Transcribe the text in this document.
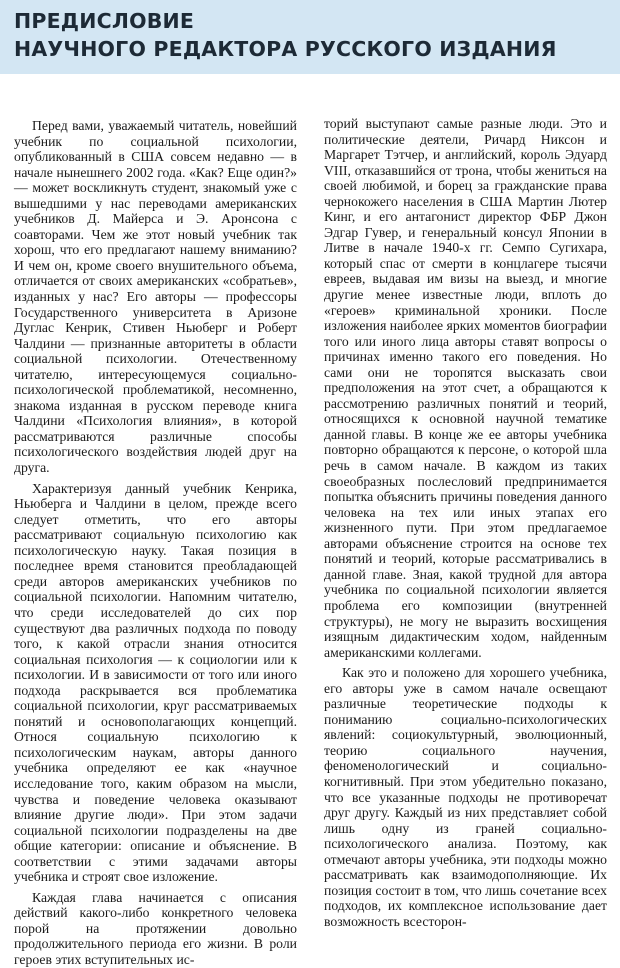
ПРЕДИСЛОВИЕ
НАУЧНОГО РЕДАКТОРА РУССКОГО ИЗДАНИЯ

Перед вами, уважаемый читатель, новейший учебник по социальной психологии, опубликованный в США совсем недавно — в начале нынешнего 2002 года. «Как? Еще один?» — может воскликнуть студент, знакомый уже с вышедшими у нас переводами американских учебников Д. Майерса и Э. Аронсона с соавторами. Чем же этот новый учебник так хорош, что его предлагают нашему вниманию? И чем он, кроме своего внушительного объема, отличается от своих американских «собратьев», изданных у нас? Его авторы — профессоры Государственного университета в Аризоне Дуглас Кенрик, Стивен Ньюберг и Роберт Чалдини — признанные авторитеты в области социальной психологии. Отечественному читателю, интересующемуся социально-психологической проблематикой, несомненно, знакома изданная в русском переводе книга Чалдини «Психология влияния», в которой рассматриваются различные способы психологического воздействия людей друг на друга.

Характеризуя данный учебник Кенрика, Ньюберга и Чалдини в целом, прежде всего следует отметить, что его авторы рассматривают социальную психологию как психологическую науку. Такая позиция в последнее время становится преобладающей среди авторов американских учебников по социальной психологии. Напомним читателю, что среди исследователей до сих пор существуют два различных подхода по поводу того, к какой отрасли знания относится социальная психология — к социологии или к психологии. И в зависимости от того или иного подхода раскрывается вся проблематика социальной психологии, круг рассматриваемых понятий и основополагающих концепций. Относя социальную психологию к психологическим наукам, авторы данного учебника определяют ее как «научное исследование того, каким образом на мысли, чувства и поведение человека оказывают влияние другие люди». При этом задачи социальной психологии подразделены на две общие категории: описание и объяснение. В соответствии с этими задачами авторы учебника и строят свое изложение.

Каждая глава начинается с описания действий какого-либо конкретного человека порой на протяжении довольно продолжительного периода его жизни. В роли героев этих вступительных ис-

торий выступают самые разные люди. Это и политические деятели, Ричард Никсон и Маргарет Тэтчер, и английский, король Эдуард VIII, отказавшийся от трона, чтобы жениться на своей любимой, и борец за гражданские права чернокожего населения в США Мартин Лютер Кинг, и его антагонист директор ФБР Джон Эдгар Гувер, и генеральный консул Японии в Литве в начале 1940-х гг. Семпо Сугихара, который спас от смерти в концлагере тысячи евреев, выдавая им визы на выезд, и многие другие менее известные люди, вплоть до «героев» криминальной хроники. После изложения наиболее ярких моментов биографии того или иного лица авторы ставят вопросы о причинах именно такого его поведения. Но сами они не торопятся высказать свои предположения на этот счет, а обращаются к рассмотрению различных понятий и теорий, относящихся к основной научной тематике данной главы. В конце же ее авторы учебника повторно обращаются к персоне, о которой шла речь в самом начале. В каждом из таких своеобразных послесловий предпринимается попытка объяснить причины поведения данного человека на тех или иных этапах его жизненного пути. При этом предлагаемое авторами объяснение строится на основе тех понятий и теорий, которые рассматривались в данной главе. Зная, какой трудной для автора учебника по социальной психологии является проблема его композиции (внутренней структуры), не могу не выразить восхищения изящным дидактическим ходом, найденным американскими коллегами.

Как это и положено для хорошего учебника, его авторы уже в самом начале освещают различные теоретические подходы к пониманию социально-психологических явлений: социокультурный, эволюционный, теорию социального научения, феноменологический и социально-когнитивный. При этом убедительно показано, что все указанные подходы не противоречат друг другу. Каждый из них представляет собой лишь одну из граней социально-психологического анализа. Поэтому, как отмечают авторы учебника, эти подходы можно рассматривать как взаимодополняющие. Их позиция состоит в том, что лишь сочетание всех подходов, их комплексное использование дает возможность всесторон-
